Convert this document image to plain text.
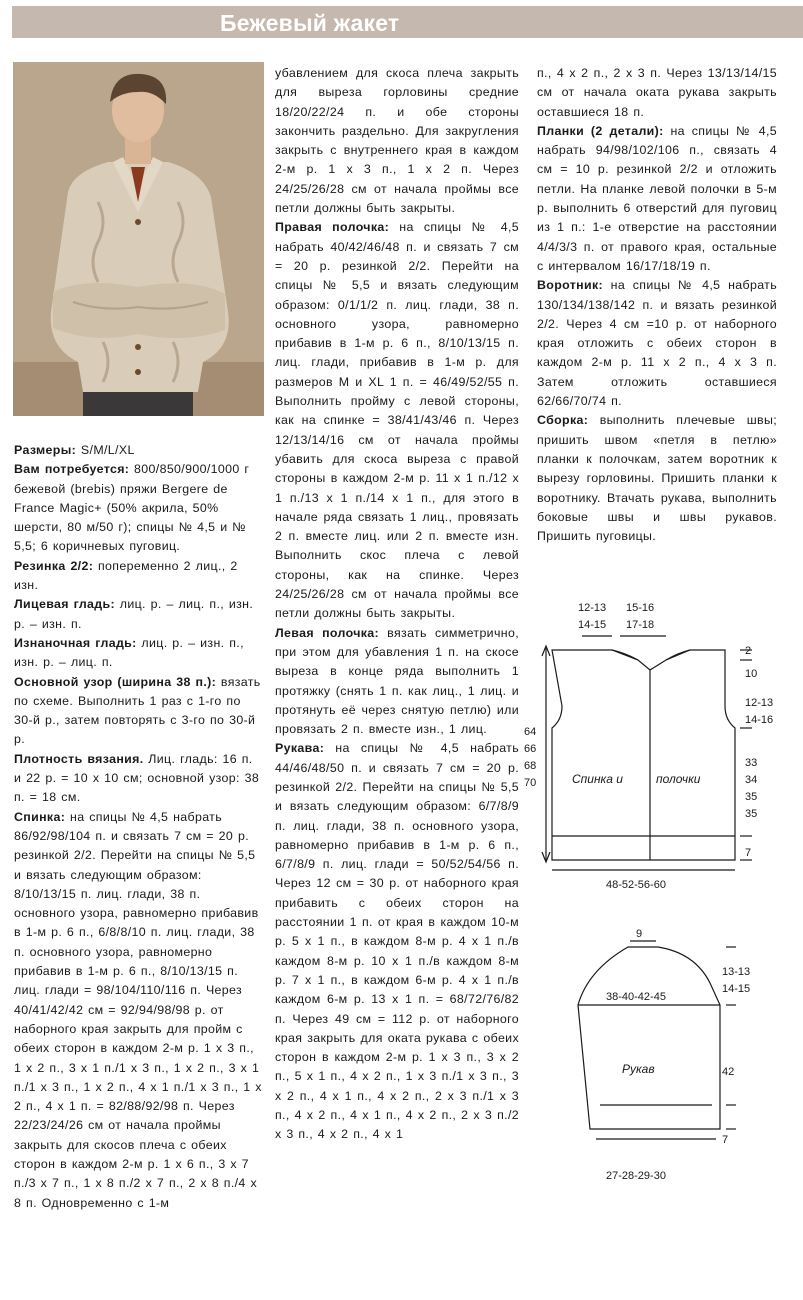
Бежевый жакет

Размеры: S/M/L/XL

Вам потребуется: 800/850/900/1000 г бежевой (brebis) пряжи Bergere de France Magic+ (50% акрила, 50% шерсти, 80 м/50 г); спицы № 4,5 и № 5,5; 6 коричневых пуговиц.

Резинка 2/2: попеременно 2 лиц., 2 изн.

Лицевая гладь: лиц. р. – лиц. п., изн. р. – изн. п.

Изнаночная гладь: лиц. р. – изн. п., изн. р. – лиц. п.

Основной узор (ширина 38 п.): вязать по схеме. Выполнить 1 раз с 1-го по 30-й р., затем повторять с 3-го по 30-й р.

Плотность вязания. Лиц. гладь: 16 п. и 22 р. = 10 х 10 см; основной узор: 38 п. = 18 см.

Спинка: на спицы № 4,5 набрать 86/92/98/104 п. и связать 7 см = 20 р. резинкой 2/2. Перейти на спицы № 5,5 и вязать следующим образом: 8/10/13/15 п. лиц. глади, 38 п. основного узора, равномерно прибавив в 1-м р. 6 п., 6/8/8/10 п. лиц. глади, 38 п. основного узора, равномерно прибавив в 1-м р. 6 п., 8/10/13/15 п. лиц. глади = 98/104/110/116 п. Через 40/41/42/42 см = 92/94/98/98 р. от наборного края закрыть для пройм с обеих сторон в каждом 2-м р. 1 х 3 п., 1 х 2 п., 3 х 1 п./1 х 3 п., 1 х 2 п., 3 х 1 п./1 х 3 п., 1 х 2 п., 4 х 1 п./1 х 3 п., 1 х 2 п., 4 х 1 п. = 82/88/92/98 п. Через 22/23/24/26 см от начала проймы закрыть для скосов плеча с обеих сторон в каждом 2-м р. 1 х 6 п., 3 х 7 п./3 х 7 п., 1 х 8 п./2 х 7 п., 2 х 8 п./4 х 8 п. Одновременно с 1-м

убавлением для скоса плеча закрыть для выреза горловины средние 18/20/22/24 п. и обе стороны закончить раздельно. Для закругления закрыть с внутреннего края в каждом 2-м р. 1 х 3 п., 1 х 2 п. Через 24/25/26/28 см от начала проймы все петли должны быть закрыты.

Правая полочка: на спицы № 4,5 набрать 40/42/46/48 п. и связать 7 см = 20 р. резинкой 2/2. Перейти на спицы № 5,5 и вязать следующим образом: 0/1/1/2 п. лиц. глади, 38 п. основного узора, равномерно прибавив в 1-м р. 6 п., 8/10/13/15 п. лиц. глади, прибавив в 1-м р. для размеров M и XL 1 п. = 46/49/52/55 п. Выполнить пройму с левой стороны, как на спинке = 38/41/43/46 п. Через 12/13/14/16 см от начала проймы убавить для скоса выреза с правой стороны в каждом 2-м р. 11 х 1 п./12 х 1 п./13 х 1 п./14 х 1 п., для этого в начале ряда связать 1 лиц., провязать 2 п. вместе лиц. или 2 п. вместе изн. Выполнить скос плеча с левой стороны, как на спинке. Через 24/25/26/28 см от начала проймы все петли должны быть закрыты.

Левая полочка: вязать симметрично, при этом для убавления 1 п. на скосе выреза в конце ряда выполнить 1 протяжку (снять 1 п. как лиц., 1 лиц. и протянуть её через снятую петлю) или провязать 2 п. вместе изн., 1 лиц.

Рукава: на спицы № 4,5 набрать 44/46/48/50 п. и связать 7 см = 20 р. резинкой 2/2. Перейти на спицы № 5,5 и вязать следующим образом: 6/7/8/9 п. лиц. глади, 38 п. основного узора, равномерно прибавив в 1-м р. 6 п., 6/7/8/9 п. лиц. глади = 50/52/54/56 п. Через 12 см = 30 р. от наборного края прибавить с обеих сторон на расстоянии 1 п. от края в каждом 10-м р. 5 х 1 п., в каждом 8-м р. 4 х 1 п./в каждом 8-м р. 10 х 1 п./в каждом 8-м р. 7 х 1 п., в каждом 6-м р. 4 х 1 п./в каждом 6-м р. 13 х 1 п. = 68/72/76/82 п. Через 49 см = 112 р. от наборного края закрыть для оката рукава с обеих сторон в каждом 2-м р. 1 х 3 п., 3 х 2 п., 5 х 1 п., 4 х 2 п., 1 х 3 п./1 х 3 п., 3 х 2 п., 4 х 1 п., 4 х 2 п., 2 х 3 п./1 х 3 п., 4 х 2 п., 4 х 1 п., 4 х 2 п., 2 х 3 п./2 х 3 п., 4 х 2 п., 4 х 1

п., 4 х 2 п., 2 х 3 п. Через 13/13/14/15 см от начала оката рукава закрыть оставшиеся 18 п.

Планки (2 детали): на спицы № 4,5 набрать 94/98/102/106 п., связать 4 см = 10 р. резинкой 2/2 и отложить петли. На планке левой полочки в 5-м р. выполнить 6 отверстий для пуговиц из 1 п.: 1-е отверстие на расстоянии 4/4/3/3 п. от правого края, остальные с интервалом 16/17/18/19 п.

Воротник: на спицы № 4,5 набрать 130/134/138/142 п. и вязать резинкой 2/2. Через 4 см =10 р. от наборного края отложить с обеих сторон в каждом 2-м р. 11 х 2 п., 4 х 3 п. Затем отложить оставшиеся 62/66/70/74 п.

Сборка: выполнить плечевые швы; пришить швом «петля в петлю» планки к полочкам, затем воротник к вырезу горловины. Пришить планки к воротнику. Втачать рукава, выполнить боковые швы и швы рукавов. Пришить пуговицы.

12-13
14-15
15-16
17-18
2
10
12-13
14-16
33
34
35
35
7
64
66
68
70	Спинка и	полочки
48-52-56-60
9
13-13
14-15
38-40-42-45
Рукав	42
7
27-28-29-30
